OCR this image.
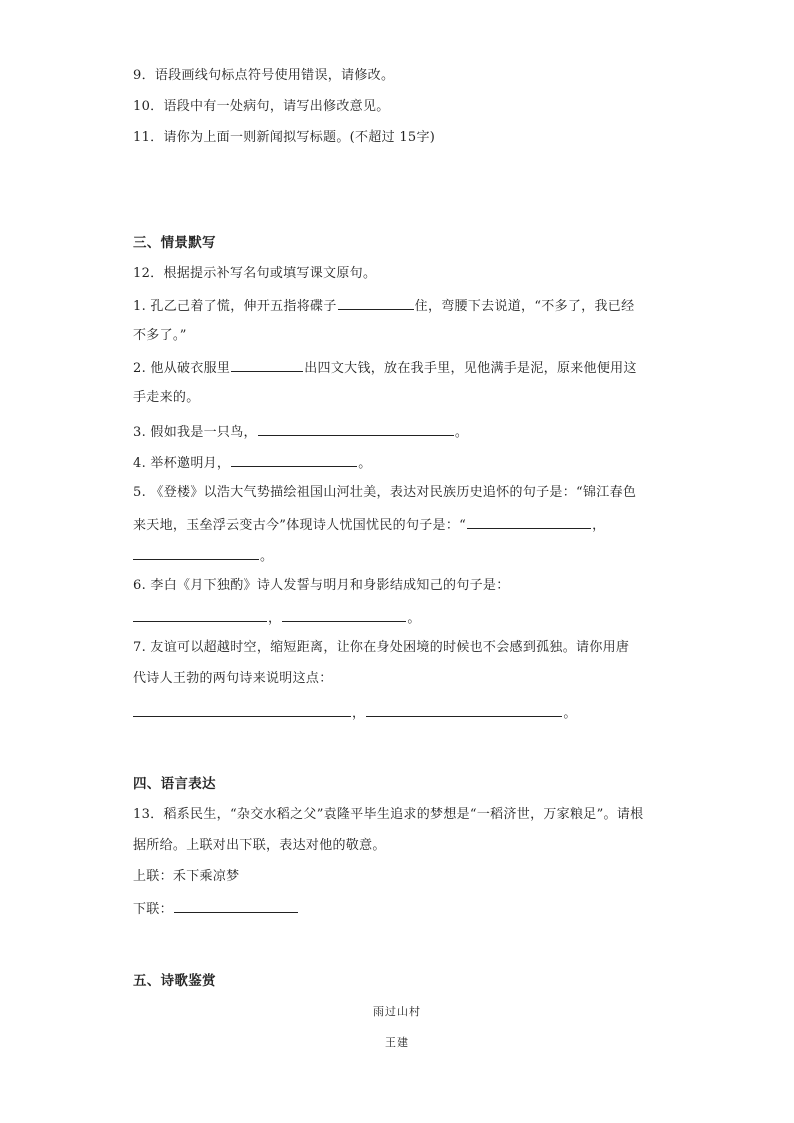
9．语段画线句标点符号使用错误，请修改。
10．语段中有一处病句，请写出修改意见。
11．请你为上面一则新闻拟写标题。(不超过 15字)
三、情景默写
12．根据提示补写名句或填写课文原句。
1. 孔乙己着了慌，伸开五指将碟子	住，弯腰下去说道，“不多了，我已经
不多了。”
2. 他从破衣服里	出四文大钱，放在我手里，见他满手是泥，原来他便用这
手走来的。
3. 假如我是一只鸟，	。
4. 举杯邀明月，	。
5. 《登楼》以浩大气势描绘祖国山河壮美，表达对民族历史追怀的句子是：“锦江春色
来天地，玉垒浮云变古今”体现诗人忧国忧民的句子是：“	，
。
6. 李白《月下独酌》诗人发誓与明月和身影结成知己的句子是：
，	。
7. 友谊可以超越时空，缩短距离，让你在身处困境的时候也不会感到孤独。请你用唐
代诗人王勃的两句诗来说明这点：
，	。
四、语言表达
13．稻系民生，“杂交水稻之父”袁隆平毕生追求的梦想是“一稻济世，万家粮足”。请根
据所给。上联对出下联，表达对他的敬意。
上联：禾下乘凉梦
下联：
五、诗歌鉴赏
雨过山村
王建
